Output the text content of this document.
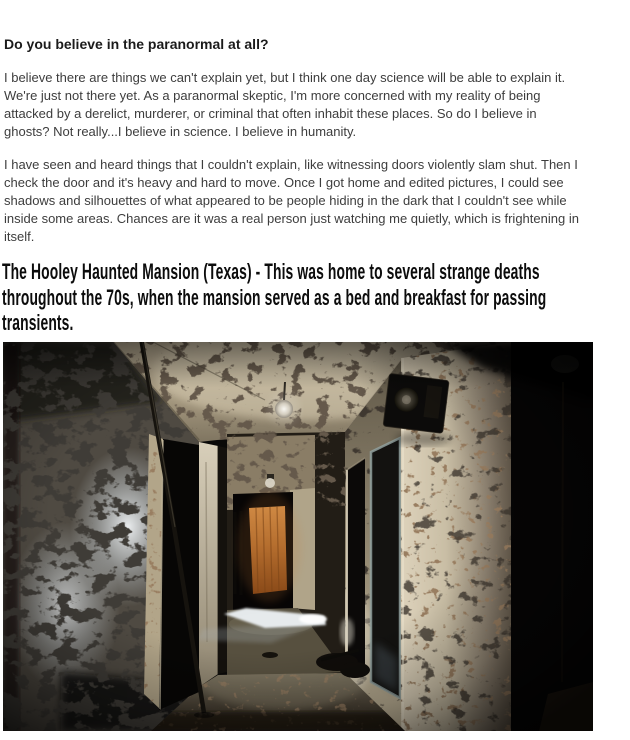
Do you believe in the paranormal at all?
I believe there are things we can't explain yet, but I think one day science will be able to explain it.
We're just not there yet. As a paranormal skeptic, I'm more concerned with my reality of being
attacked by a derelict, murderer, or criminal that often inhabit these places. So do I believe in
ghosts? Not really...I believe in science. I believe in humanity.
I have seen and heard things that I couldn't explain, like witnessing doors violently slam shut. Then I
check the door and it's heavy and hard to move. Once I got home and edited pictures, I could see
shadows and silhouettes of what appeared to be people hiding in the dark that I couldn't see while
inside some areas. Chances are it was a real person just watching me quietly, which is frightening in
itself.
The Hooley Haunted Mansion (Texas) - This was home to several strange deaths
throughout the 70s, when the mansion served as a bed and breakfast for passing
transients.
